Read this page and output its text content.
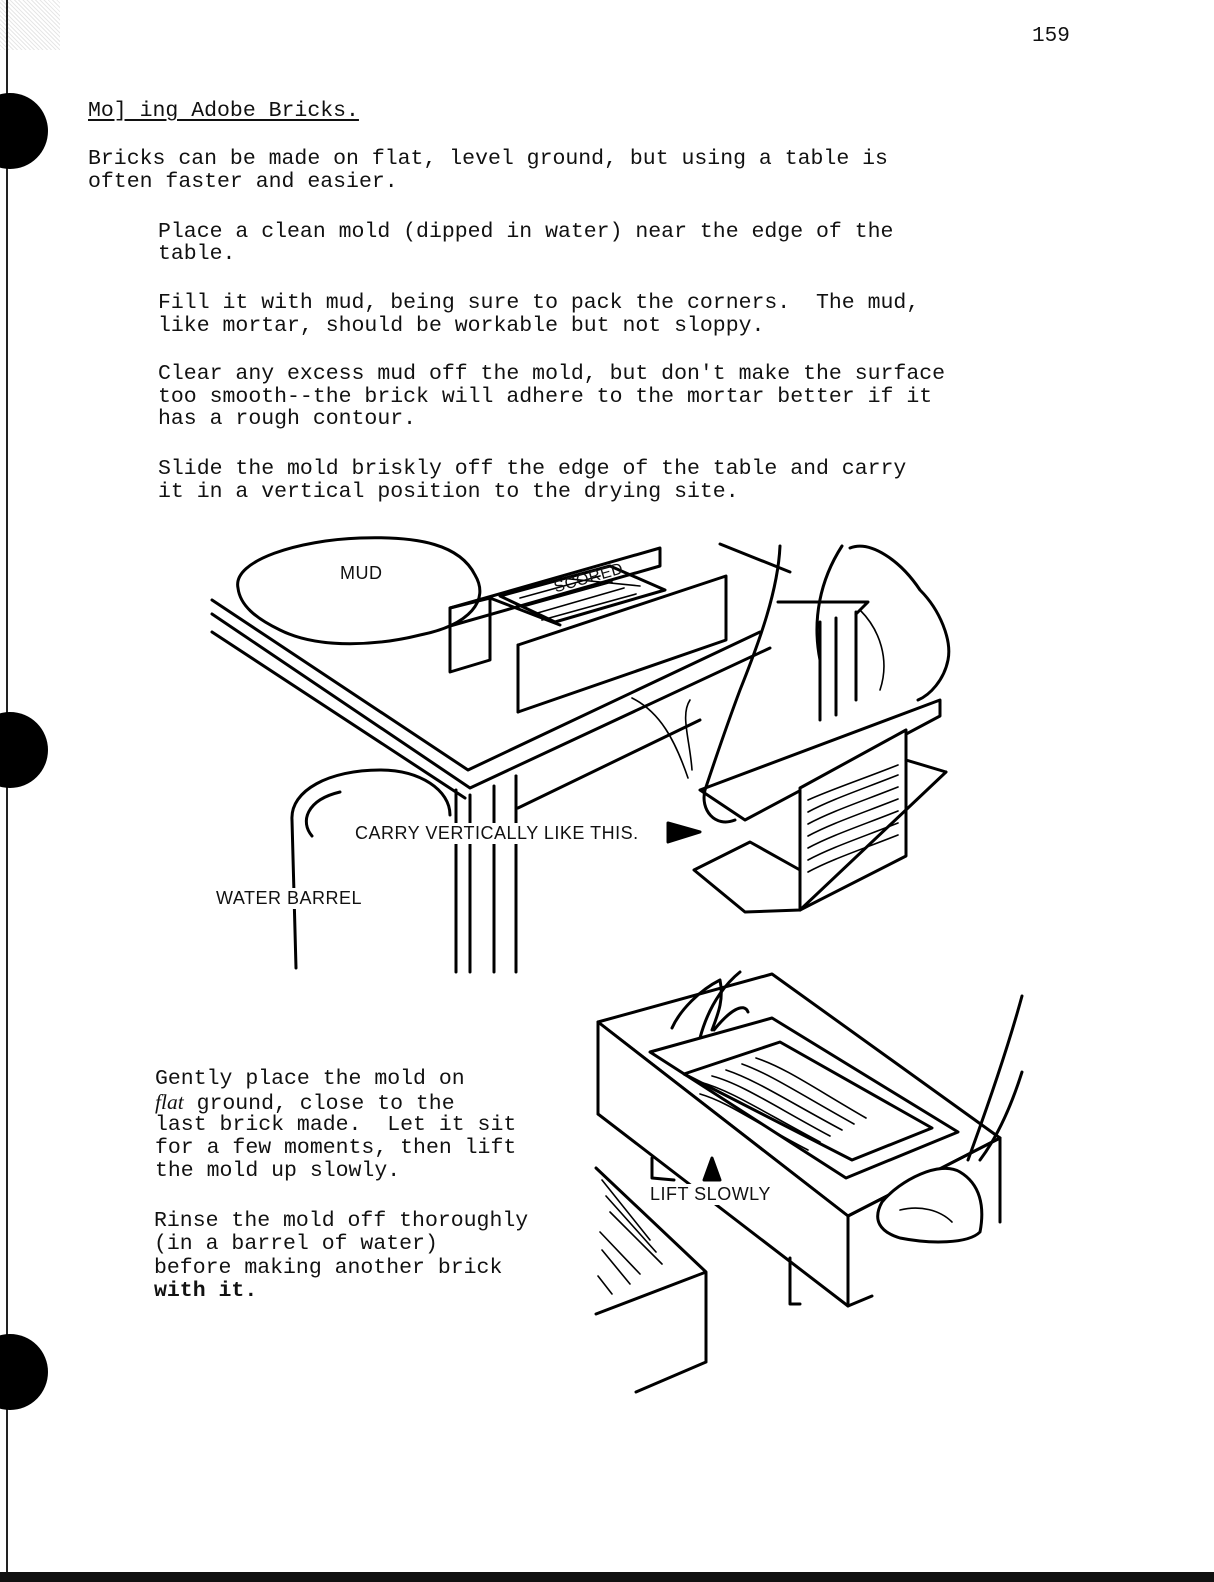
159
Mo] ing Adobe Bricks.
Bricks can be made on flat, level ground, but using a table is
often faster and easier.
Place a clean mold (dipped in water) near the edge of the
table.
Fill it with mud, being sure to pack the corners.  The mud,
like mortar, should be workable but not sloppy.
Clear any excess mud off the mold, but don't make the surface
too smooth--the brick will adhere to the mortar better if it
has a rough contour.
Slide the mold briskly off the edge of the table and carry
it in a vertical position to the drying site.
MUD	SCORED
CARRY VERTICALLY LIKE THIS.
WATER BARREL
LIFT SLOWLY
Gently place the mold on
flat ground, close to the
last brick made.  Let it sit
for a few moments, then lift
the mold up slowly.
Rinse the mold off thoroughly
(in a barrel of water)
before making another brick
with it.
